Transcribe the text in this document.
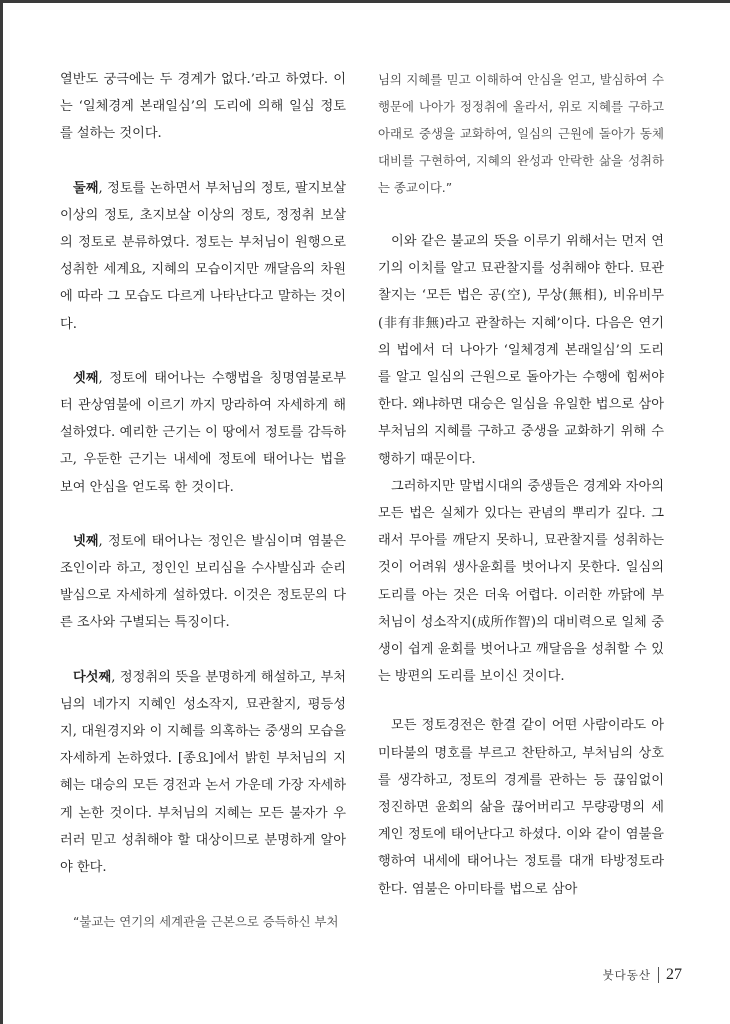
열반도 궁극에는 두 경계가 없다.’라고 하였다. 이는 ‘일체경계 본래일심’의 도리에 의해 일심 정토를 설하는 것이다.

둘째, 정토를 논하면서 부처님의 정토, 팔지보살 이상의 정토, 초지보살 이상의 정토, 정정취 보살의 정토로 분류하였다. 정토는 부처님이 원행으로 성취한 세계요, 지혜의 모습이지만 깨달음의 차원에 따라 그 모습도 다르게 나타난다고 말하는 것이다.

셋째, 정토에 태어나는 수행법을 칭명염불로부터 관상염불에 이르기 까지 망라하여 자세하게 해설하였다. 예리한 근기는 이 땅에서 정토를 감득하고, 우둔한 근기는 내세에 정토에 태어나는 법을 보여 안심을 얻도록 한 것이다.

넷째, 정토에 태어나는 정인은 발심이며 염불은 조인이라 하고, 정인인 보리심을 수사발심과 순리발심으로 자세하게 설하였다. 이것은 정토문의 다른 조사와 구별되는 특징이다.

다섯째, 정정취의 뜻을 분명하게 해설하고, 부처님의 네가지 지혜인 성소작지, 묘관찰지, 평등성지, 대원경지와 이 지혜를 의혹하는 중생의 모습을 자세하게 논하였다. [종요]에서 밝힌 부처님의 지혜는 대승의 모든 경전과 논서 가운데 가장 자세하게 논한 것이다. 부처님의 지혜는 모든 불자가 우러러 믿고 성취해야 할 대상이므로 분명하게 알아야 한다.

“불교는 연기의 세계관을 근본으로 증득하신 부처

님의 지혜를 믿고 이해하여 안심을 얻고, 발심하여 수행문에 나아가 정정취에 올라서, 위로 지혜를 구하고 아래로 중생을 교화하여, 일심의 근원에 돌아가 동체대비를 구현하여, 지혜의 완성과 안락한 삶을 성취하는 종교이다.”

이와 같은 불교의 뜻을 이루기 위해서는 먼저 연기의 이치를 알고 묘관찰지를 성취해야 한다. 묘관찰지는 ‘모든 법은 공(空), 무상(無相), 비유비무(非有非無)라고 관찰하는 지혜’이다. 다음은 연기의 법에서 더 나아가 ‘일체경계 본래일심’의 도리를 알고 일심의 근원으로 돌아가는 수행에 힘써야 한다. 왜냐하면 대승은 일심을 유일한 법으로 삼아 부처님의 지혜를 구하고 중생을 교화하기 위해 수행하기 때문이다.

그러하지만 말법시대의 중생들은 경계와 자아의 모든 법은 실체가 있다는 관념의 뿌리가 깊다. 그래서 무아를 깨닫지 못하니, 묘관찰지를 성취하는 것이 어려워 생사윤회를 벗어나지 못한다. 일심의 도리를 아는 것은 더욱 어렵다. 이러한 까닭에 부처님이 성소작지(成所作智)의 대비력으로 일체 중생이 쉽게 윤회를 벗어나고 깨달음을 성취할 수 있는 방편의 도리를 보이신 것이다.

모든 정토경전은 한결 같이 어떤 사람이라도 아미타불의 명호를 부르고 찬탄하고, 부처님의 상호를 생각하고, 정토의 경계를 관하는 등 끊임없이 정진하면 윤회의 삶을 끊어버리고 무량광명의 세계인 정토에 태어난다고 하셨다. 이와 같이 염불을 행하여 내세에 태어나는 정토를 대개 타방정토라 한다. 염불은 아미타를 법으로 삼아

붓다동산 27
